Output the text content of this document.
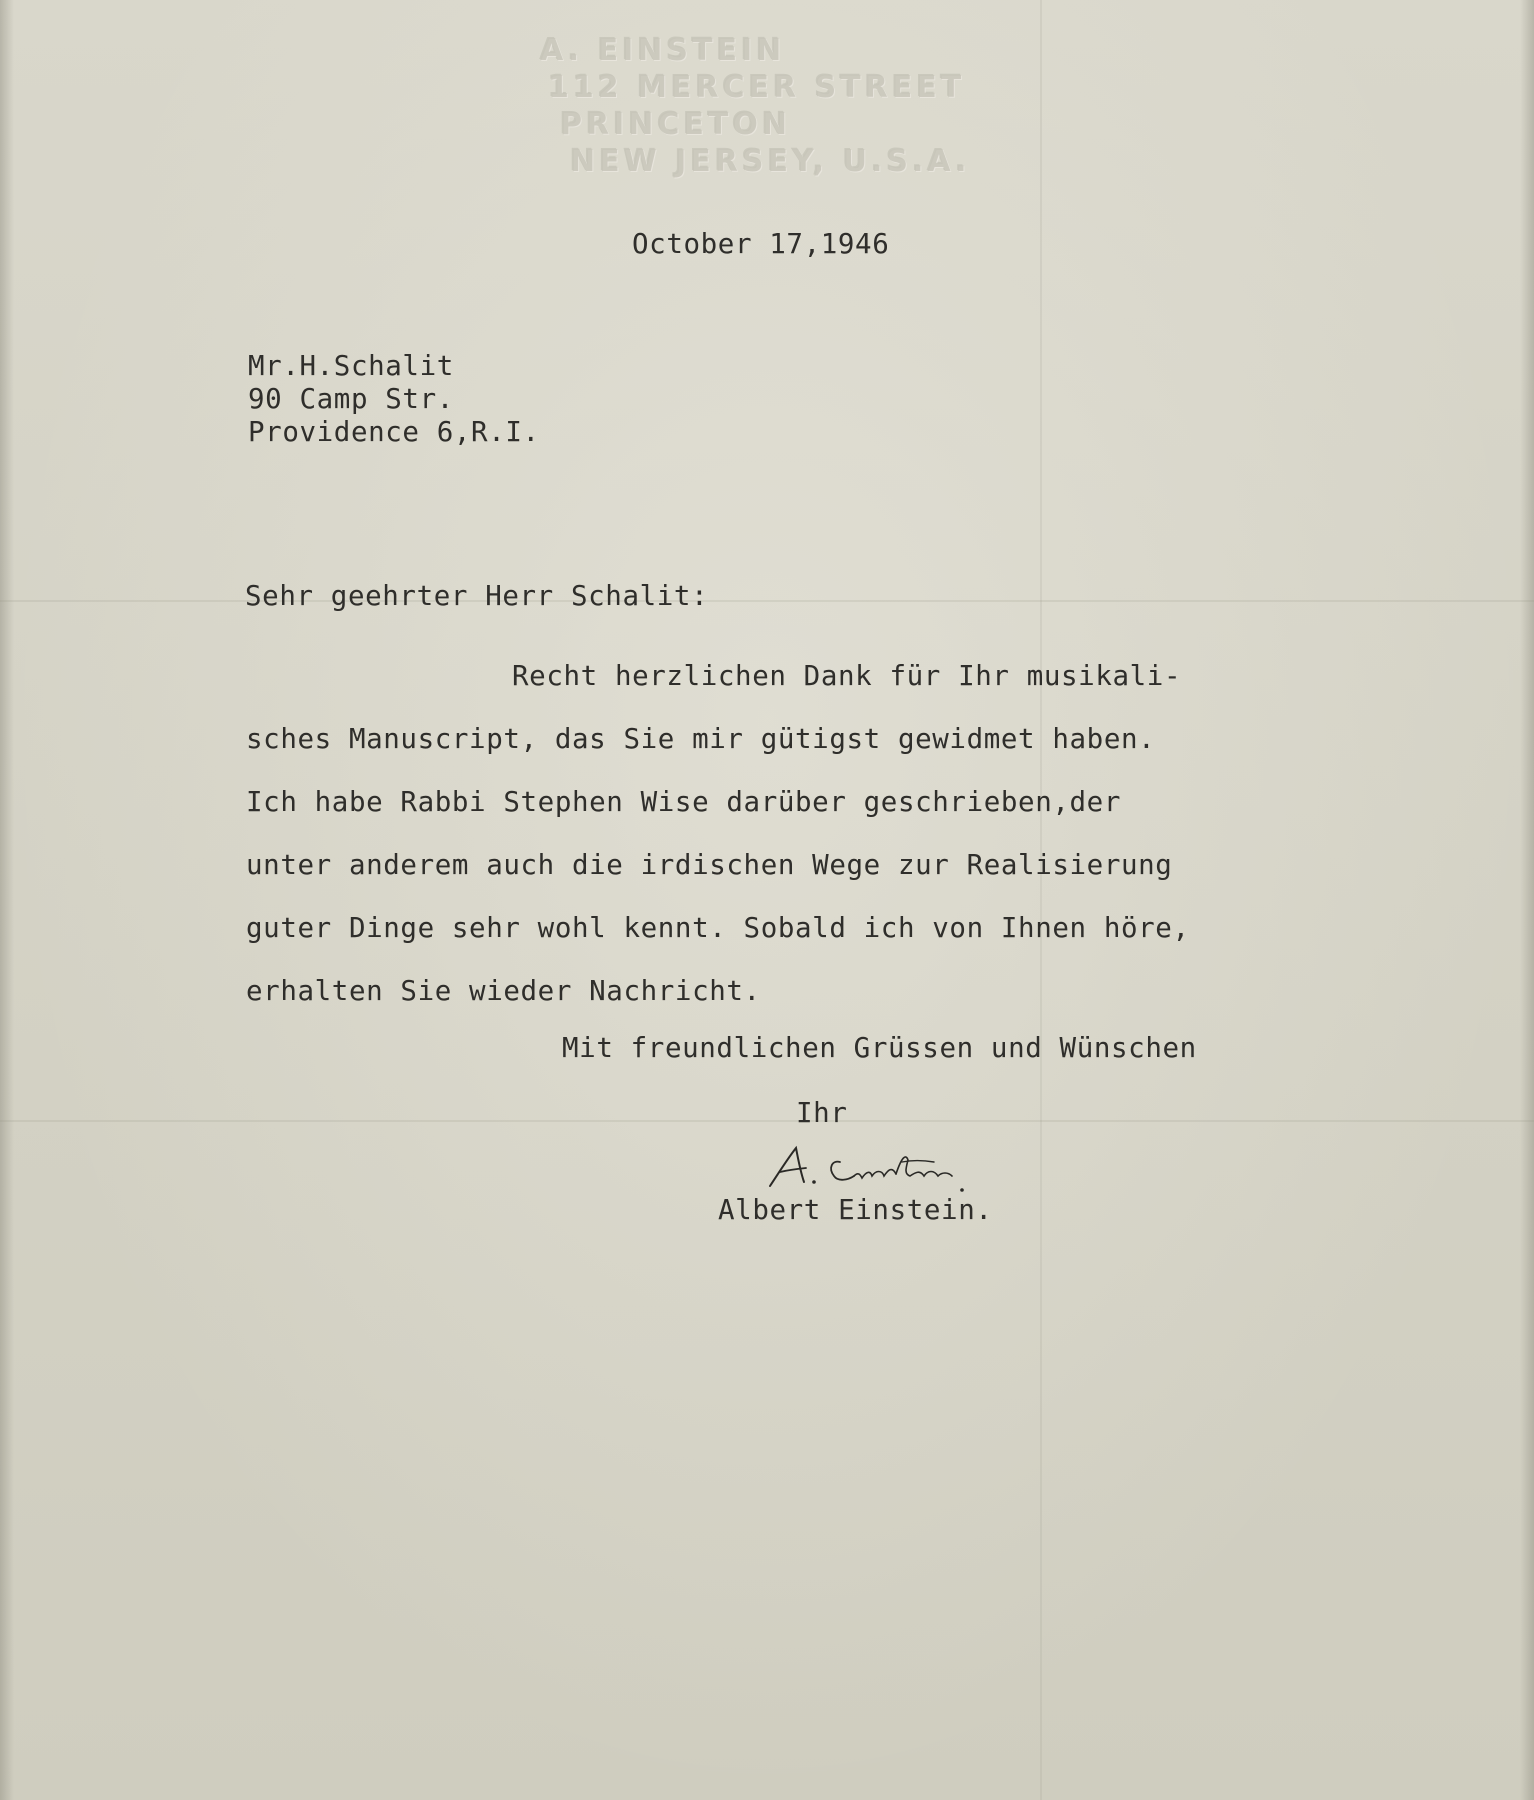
A. EINSTEIN
112 MERCER STREET
PRINCETON
NEW JERSEY, U.S.A.
October 17,1946
Mr.H.Schalit
90 Camp Str.
Providence 6,R.I.
Sehr geehrter Herr Schalit:
Recht herzlichen Dank für Ihr musikali-
sches Manuscript, das Sie mir gütigst gewidmet haben.
Ich habe Rabbi Stephen Wise darüber geschrieben,der
unter anderem auch die irdischen Wege zur Realisierung
guter Dinge sehr wohl kennt. Sobald ich von Ihnen höre,
erhalten Sie wieder Nachricht.
Mit freundlichen Grüssen und Wünschen
Ihr
Albert Einstein.
